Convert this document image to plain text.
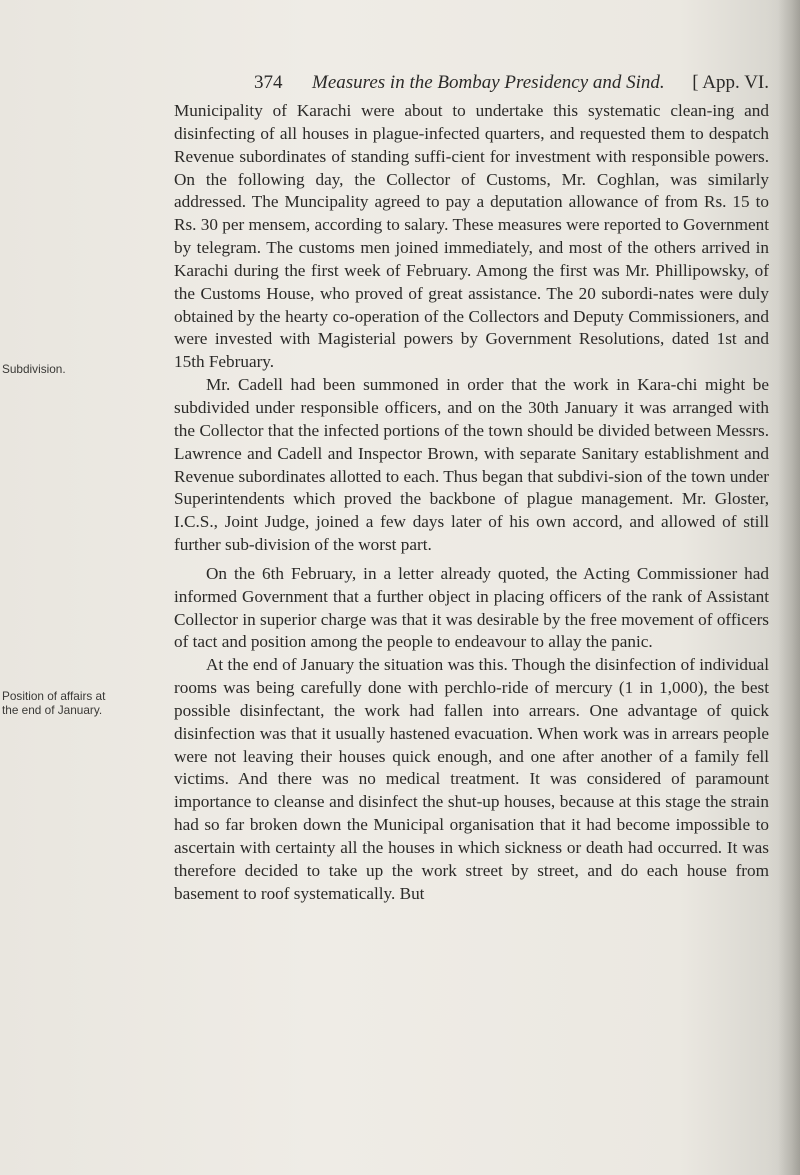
374 Measures in the Bombay Presidency and Sind. [ App. VI.
Subdivision.
Position of affairs at the end of January.

Municipality of Karachi were about to undertake this systematic clean-ing and disinfecting of all houses in plague-infected quarters, and requested them to despatch Revenue subordinates of standing suffi-cient for investment with responsible powers. On the following day, the Collector of Customs, Mr. Coghlan, was similarly addressed. The Muncipality agreed to pay a deputation allowance of from Rs. 15 to Rs. 30 per mensem, according to salary. These measures were reported to Government by telegram. The customs men joined immediately, and most of the others arrived in Karachi during the first week of February. Among the first was Mr. Phillipowsky, of the Customs House, who proved of great assistance. The 20 subordi-nates were duly obtained by the hearty co-operation of the Collectors and Deputy Commissioners, and were invested with Magisterial powers by Government Resolutions, dated 1st and 15th February.

Mr. Cadell had been summoned in order that the work in Kara-chi might be subdivided under responsible officers, and on the 30th January it was arranged with the Collector that the infected portions of the town should be divided between Messrs. Lawrence and Cadell and Inspector Brown, with separate Sanitary establishment and Revenue subordinates allotted to each. Thus began that subdivi-sion of the town under Superintendents which proved the backbone of plague management. Mr. Gloster, I.C.S., Joint Judge, joined a few days later of his own accord, and allowed of still further sub-division of the worst part.

On the 6th February, in a letter already quoted, the Acting Commissioner had informed Government that a further object in placing officers of the rank of Assistant Collector in superior charge was that it was desirable by the free movement of officers of tact and position among the people to endeavour to allay the panic.

At the end of January the situation was this. Though the disinfection of individual rooms was being carefully done with perchlo-ride of mercury (1 in 1,000), the best possible disinfectant, the work had fallen into arrears. One advantage of quick disinfection was that it usually hastened evacuation. When work was in arrears people were not leaving their houses quick enough, and one after another of a family fell victims. And there was no medical treatment. It was considered of paramount importance to cleanse and disinfect the shut-up houses, because at this stage the strain had so far broken down the Municipal organisation that it had become impossible to ascertain with certainty all the houses in which sickness or death had occurred. It was therefore decided to take up the work street by street, and do each house from basement to roof systematically. But
